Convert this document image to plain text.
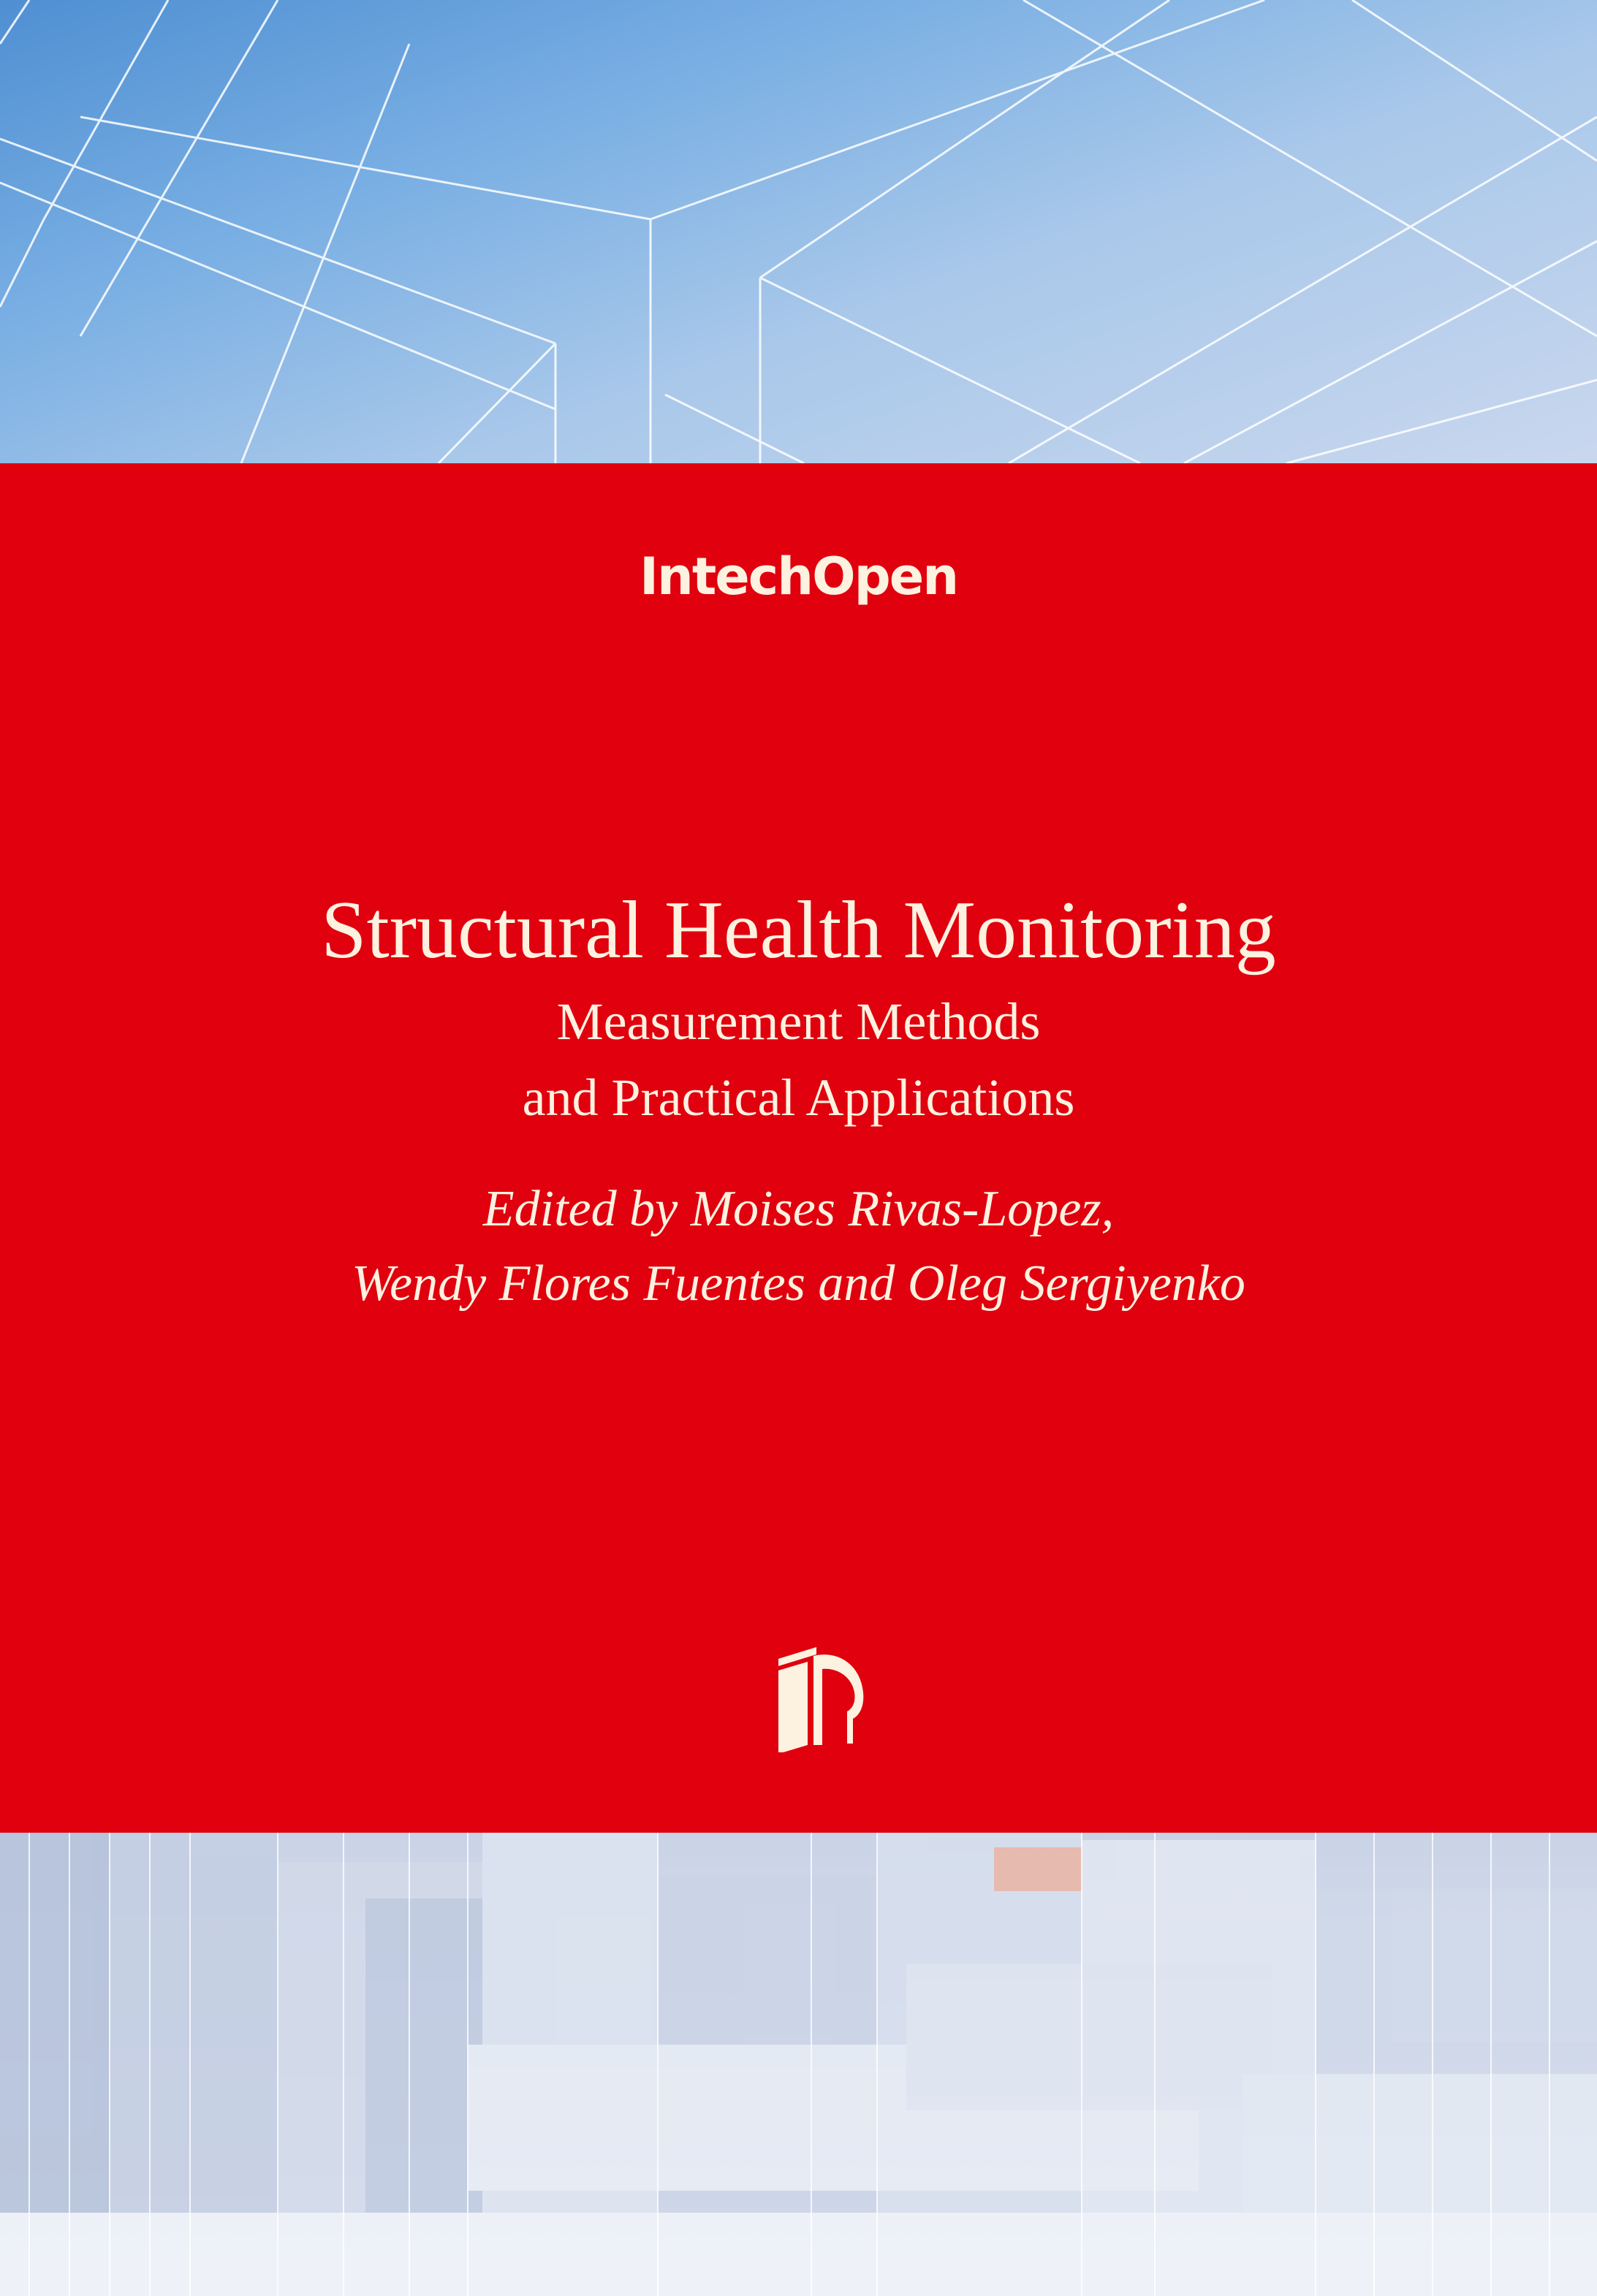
IntechOpen
Structural Health Monitoring
Measurement Methods
and Practical Applications
Edited by Moises Rivas-Lopez,
Wendy Flores Fuentes and Oleg Sergiyenko
